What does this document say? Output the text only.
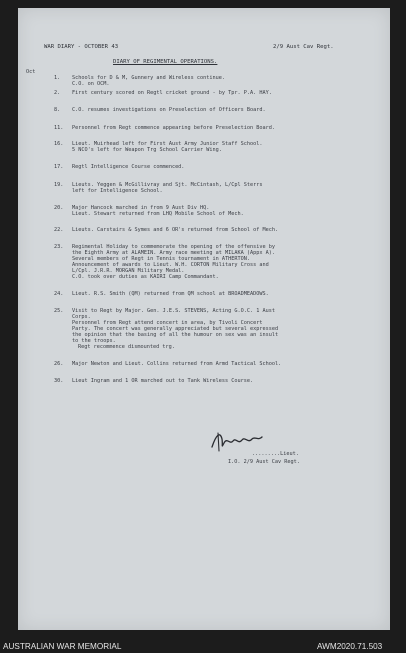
WAR DIARY - OCTOBER 43	2/9 Aust Cav Regt.
DIARY OF REGIMENTAL OPERATIONS.
Oct
1. Schools for D & M, Gunnery and Wireless continue.
C.O. on OCM.
2. First century scored on Regtl cricket ground - by Tpr. P.A. HAY.
8. C.O. resumes investigations on Preselection of Officers Board.
11. Personnel from Regt commence appearing before Preselection Board.
16. Lieut. Muirhead left for First Aust Army Junior Staff School.
5 NCO's left for Weapon Trg School Carrier Wing.
17. Regtl Intelligence Course commenced.
19. Lieuts. Yeggen & McGillivray and Sjt. McCintash, L/Cpl Sterrs
left for Intelligence School.
20. Major Hancock marched in from 9 Aust Div HQ.
Lieut. Stewart returned from LHQ Mobile School of Mech.
22. Lieuts. Carstairs & Symes and 6 OR's returned from School of Mech.
23. Regimental Holiday to commemorate the opening of the offensive by
the Eighth Army at ALAMEIN. Army race meeting at MILAKA (Appx A).
Several members of Regt in Tennis tournament in ATHERTON.
Announcement of awards to Lieut. W.H. CORTON Military Cross and
L/Cpl. J.R.R. MORGAN Military Medal.
C.O. took over duties as KAIRI Camp Commandant.
24. Lieut. R.S. Smith (QM) returned from QM school at BROADMEADOWS.
25. Visit to Regt by Major. Gen. J.E.S. STEVENS, Acting G.O.C. 1 Aust
Corps.
Personnel from Regt attend concert in area, by Tivoli Concert
Party. The concert was generally appreciated but several expressed
the opinion that the basing of all the humour on sex was an insult
to the troops.
Regt recommence dismounted trg.
26. Major Newton and Lieut. Collins returned from Armd Tactical School.
30. Lieut Ingram and 1 OR marched out to Tank Wireless Course.
.........Lieut.
I.O. 2/9 Aust Cav Regt.
AUSTRALIAN WAR MEMORIAL	AWM2020.71.503
